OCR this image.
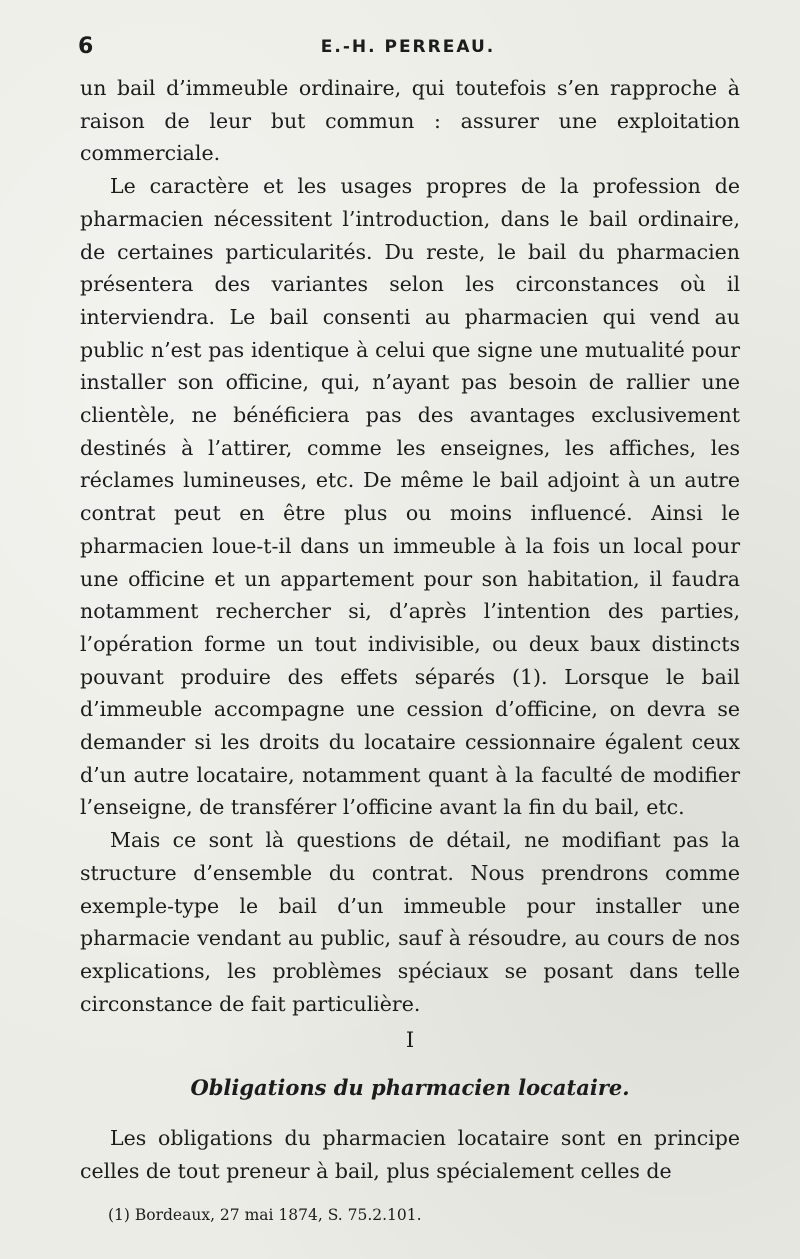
6	E.-H. PERREAU.

un bail d’immeuble ordinaire, qui toutefois s’en rapproche à raison de leur but commun : assurer une exploitation commerciale.

Le caractère et les usages propres de la profession de pharmacien nécessitent l’introduction, dans le bail ordinaire, de certaines particularités. Du reste, le bail du pharmacien présentera des variantes selon les circonstances où il interviendra. Le bail consenti au pharmacien qui vend au public n’est pas identique à celui que signe une mutualité pour installer son officine, qui, n’ayant pas besoin de rallier une clientèle, ne bénéficiera pas des avantages exclusivement destinés à l’attirer, comme les enseignes, les affiches, les réclames lumineuses, etc. De même le bail adjoint à un autre contrat peut en être plus ou moins influencé. Ainsi le pharmacien loue-t-il dans un immeuble à la fois un local pour une officine et un appartement pour son habitation, il faudra notamment rechercher si, d’après l’intention des parties, l’opération forme un tout indivisible, ou deux baux distincts pouvant produire des effets séparés (1). Lorsque le bail d’immeuble accompagne une cession d’officine, on devra se demander si les droits du locataire cessionnaire égalent ceux d’un autre locataire, notamment quant à la faculté de modifier l’enseigne, de transférer l’officine avant la fin du bail, etc.

Mais ce sont là questions de détail, ne modifiant pas la structure d’ensemble du contrat. Nous prendrons comme exemple-type le bail d’un immeuble pour installer une pharmacie vendant au public, sauf à résoudre, au cours de nos explications, les problèmes spéciaux se posant dans telle circonstance de fait particulière.

I
Obligations du pharmacien locataire.
Les obligations du pharmacien locataire sont en principe celles de tout preneur à bail, plus spécialement celles de
(1) Bordeaux, 27 mai 1874, S. 75.2.101.
